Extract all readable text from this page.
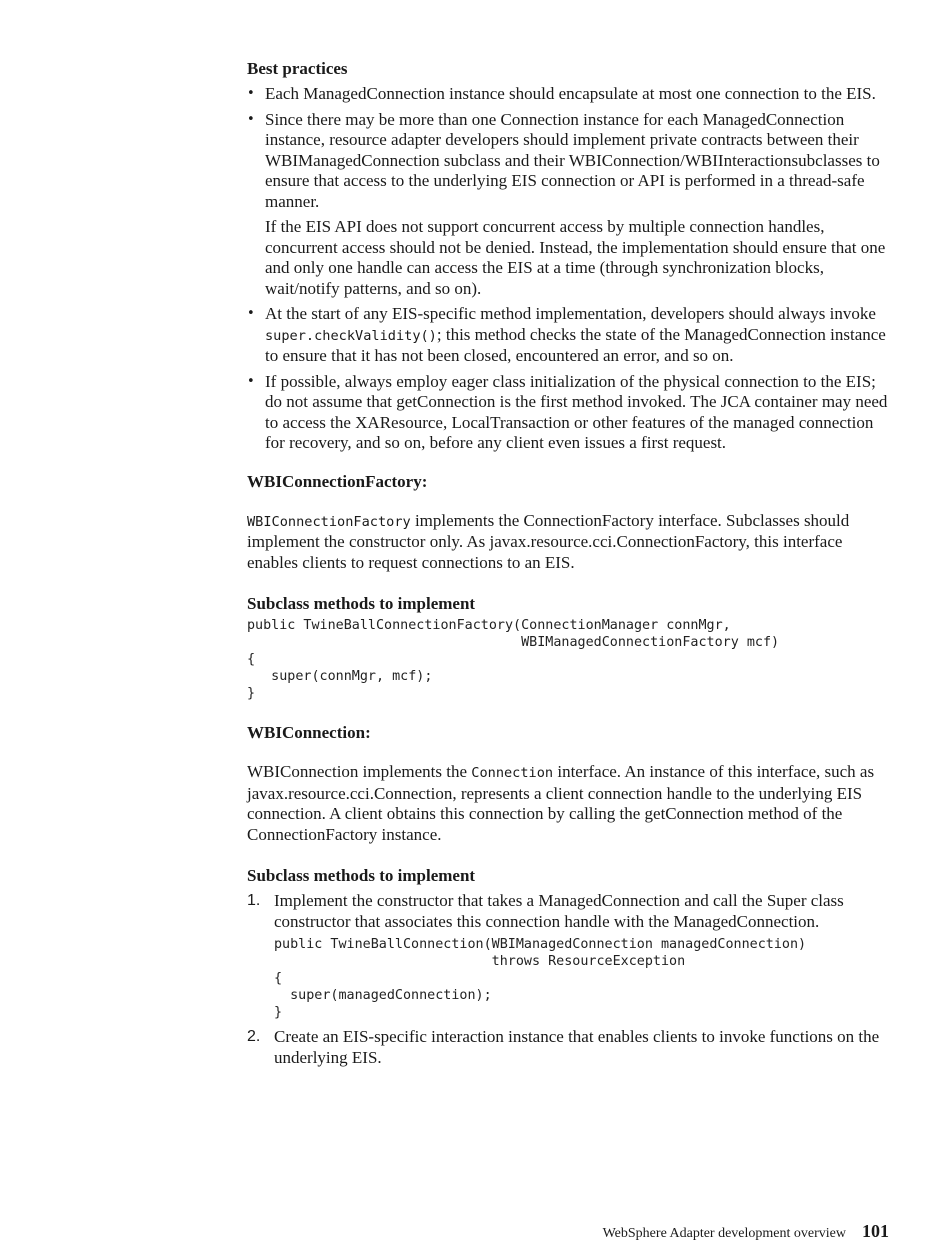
Best practices
• Each ManagedConnection instance should encapsulate at most one connection to the EIS.

• Since there may be more than one Connection instance for each ManagedConnection instance, resource adapter developers should implement private contracts between their WBIManagedConnection subclass and their WBIConnection/WBIInteractionsubclasses to ensure that access to the underlying EIS connection or API is performed in a thread-safe manner.

If the EIS API does not support concurrent access by multiple connection handles, concurrent access should not be denied. Instead, the implementation should ensure that one and only one handle can access the EIS at a time (through synchronization blocks, wait/notify patterns, and so on).

• At the start of any EIS-specific method implementation, developers should always invoke super.checkValidity(); this method checks the state of the ManagedConnection instance to ensure that it has not been closed, encountered an error, and so on.

• If possible, always employ eager class initialization of the physical connection to the EIS; do not assume that getConnection is the first method invoked. The JCA container may need to access the XAResource, LocalTransaction or other features of the managed connection for recovery, and so on, before any client even issues a first request.

WBIConnectionFactory:

WBIConnectionFactory implements the ConnectionFactory interface. Subclasses should implement the constructor only. As javax.resource.cci.ConnectionFactory, this interface enables clients to request connections to an EIS.

Subclass methods to implement
public TwineBallConnectionFactory(ConnectionManager connMgr,
WBIManagedConnectionFactory mcf)
{
super(connMgr, mcf);
}
WBIConnection:

WBIConnection implements the Connection interface. An instance of this interface, such as javax.resource.cci.Connection, represents a client connection handle to the underlying EIS connection. A client obtains this connection by calling the getConnection method of the ConnectionFactory instance.

Subclass methods to implement
1. Implement the constructor that takes a ManagedConnection and call the Super class constructor that associates this connection handle with the ManagedConnection.

public TwineBallConnection(WBIManagedConnection managedConnection)
throws ResourceException
{
super(managedConnection);
}
2. Create an EIS-specific interaction instance that enables clients to invoke functions on the underlying EIS.

WebSphere Adapter development overview 101
